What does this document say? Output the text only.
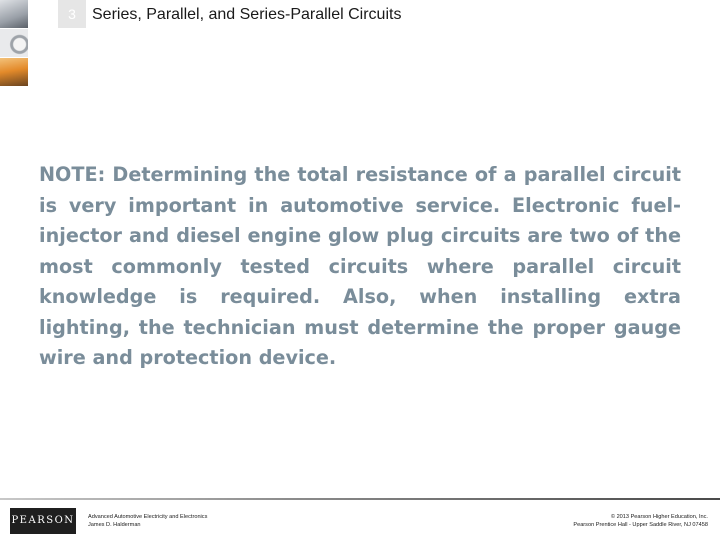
3	Series, Parallel, and Series-Parallel Circuits

NOTE: Determining the total resistance of a parallel circuit is very important in automotive service. Electronic fuel-injector and diesel engine glow plug circuits are two of the most commonly tested circuits where parallel circuit knowledge is required. Also, when installing extra lighting, the technician must determine the proper gauge wire and protection device.

PEARSON Advanced Automotive Electricity and Electronics
James D. Halderman
© 2013 Pearson Higher Education, Inc.
Pearson Prentice Hall - Upper Saddle River, NJ 07458
